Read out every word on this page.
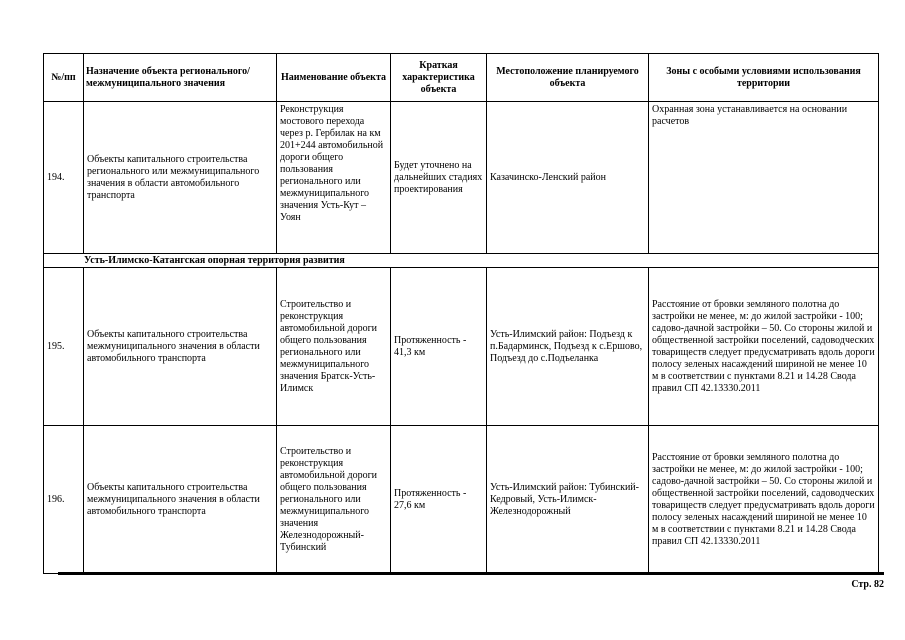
№/пп	Назначение объекта регионального/ межмуниципального значения	Наименование объекта	Краткая характеристика объекта	Местоположение планируемого объекта	Зоны с особыми условиями использования территории
194.	Объекты капитального строительства регионального или межмуниципального значения в области автомобильного транспорта	Реконструкция мостового перехода через р. Гербилак на км 201+244 автомобильной дороги общего пользования регионального или межмуниципального значения Усть-Кут – Уоян	Будет уточнено на дальнейших стадиях проектирования	Казачинско-Ленский район	Охранная зона устанавливается на основании расчетов
Усть-Илимско-Катангская опорная территория развития					
195.	Объекты капитального строительства межмуниципального значения в области автомобильного транспорта	Строительство и реконструкция автомобильной дороги общего пользования регионального или межмуниципального значения Братск-Усть-Илимск	Протяженность - 41,3 км	Усть-Илимский район: Подъезд к п.Бадарминск, Подъезд к с.Ершово, Подъезд до с.Подъеланка	Расстояние от бровки земляного полотна до застройки не менее, м: до жилой застройки - 100; садово-дачной застройки – 50. Со стороны жилой и общественной застройки поселений, садоводческих товариществ следует предусматривать вдоль дороги полосу зеленых насаждений шириной не менее 10 м в соответствии с пунктами 8.21 и 14.28 Свода правил СП 42.13330.2011
196.	Объекты капитального строительства межмуниципального значения в области автомобильного транспорта	Строительство и реконструкция автомобильной дороги общего пользования регионального или межмуниципального значения Железнодорожный-Тубинский	Протяженность - 27,6 км	Усть-Илимский район: Тубинский-Кедровый, Усть-Илимск-Железнодорожный	Расстояние от бровки земляного полотна до застройки не менее, м: до жилой застройки - 100; садово-дачной застройки – 50. Со стороны жилой и общественной застройки поселений, садоводческих товариществ следует предусматривать вдоль дороги полосу зеленых насаждений шириной не менее 10 м в соответствии с пунктами 8.21 и 14.28 Свода правил СП 42.13330.2011
Стр. 82
